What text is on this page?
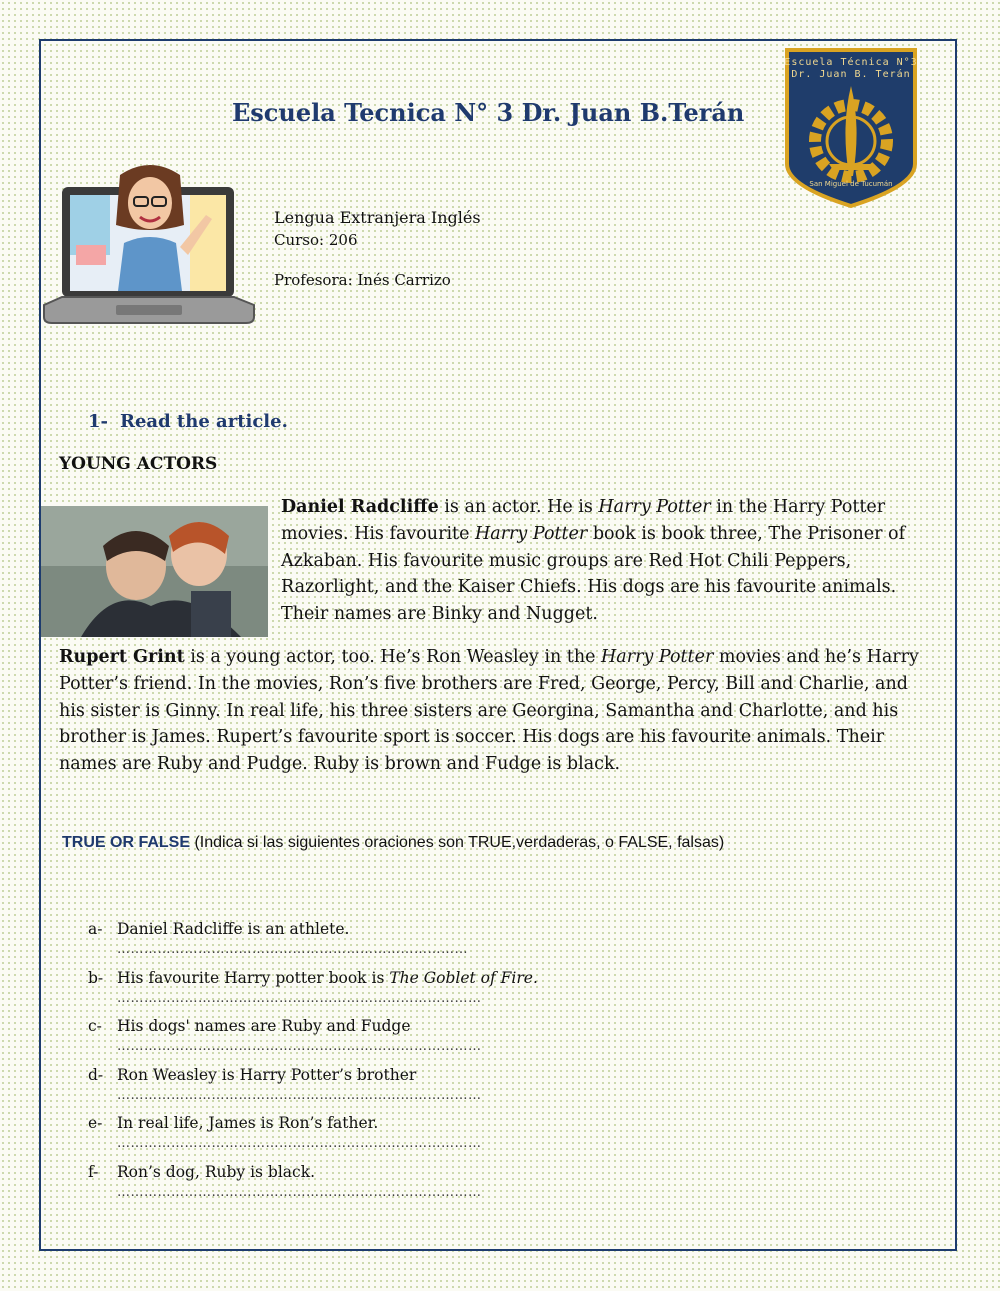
Escuela Tecnica N° 3 Dr. Juan B.Terán
Escuela Técnica N°3
Dr. Juan B. Terán
San Miguel de Tucumán
Lengua Extranjera Inglés
Curso: 206
Profesora: Inés Carrizo
1- Read the article.
YOUNG ACTORS
Daniel Radcliffe is an actor. He is Harry Potter in the Harry Potter
movies. His favourite Harry Potter book is book three, The Prisoner of
Azkaban. His favourite music groups are Red Hot Chili Peppers,
Razorlight, and the Kaiser Chiefs. His dogs are his favourite animals.
Their names are Binky and Nugget.
Rupert Grint is a young actor, too. He’s Ron Weasley in the Harry Potter movies and he’s Harry
Potter’s friend. In the movies, Ron’s five brothers are Fred, George, Percy, Bill and Charlie, and
his sister is Ginny. In real life, his three sisters are Georgina, Samantha and Charlotte, and his
brother is James. Rupert’s favourite sport is soccer. His dogs are his favourite animals. Their
names are Ruby and Pudge. Ruby is brown and Fudge is black.
TRUE OR FALSE (Indica si las siguientes oraciones son TRUE,verdaderas, o FALSE, falsas)
a- Daniel Radcliffe is an athlete.
……………………………………………………………………
b- His favourite Harry potter book is The Goblet of Fire.
………………………………………………………………………
c- His dogs' names are Ruby and Fudge
………………………………………………………………………
d- Ron Weasley is Harry Potter’s brother
………………………………………………………………………
e- In real life, James is Ron’s father.
………………………………………………………………………
f- Ron’s dog, Ruby is black.
………………………………………………………………………
